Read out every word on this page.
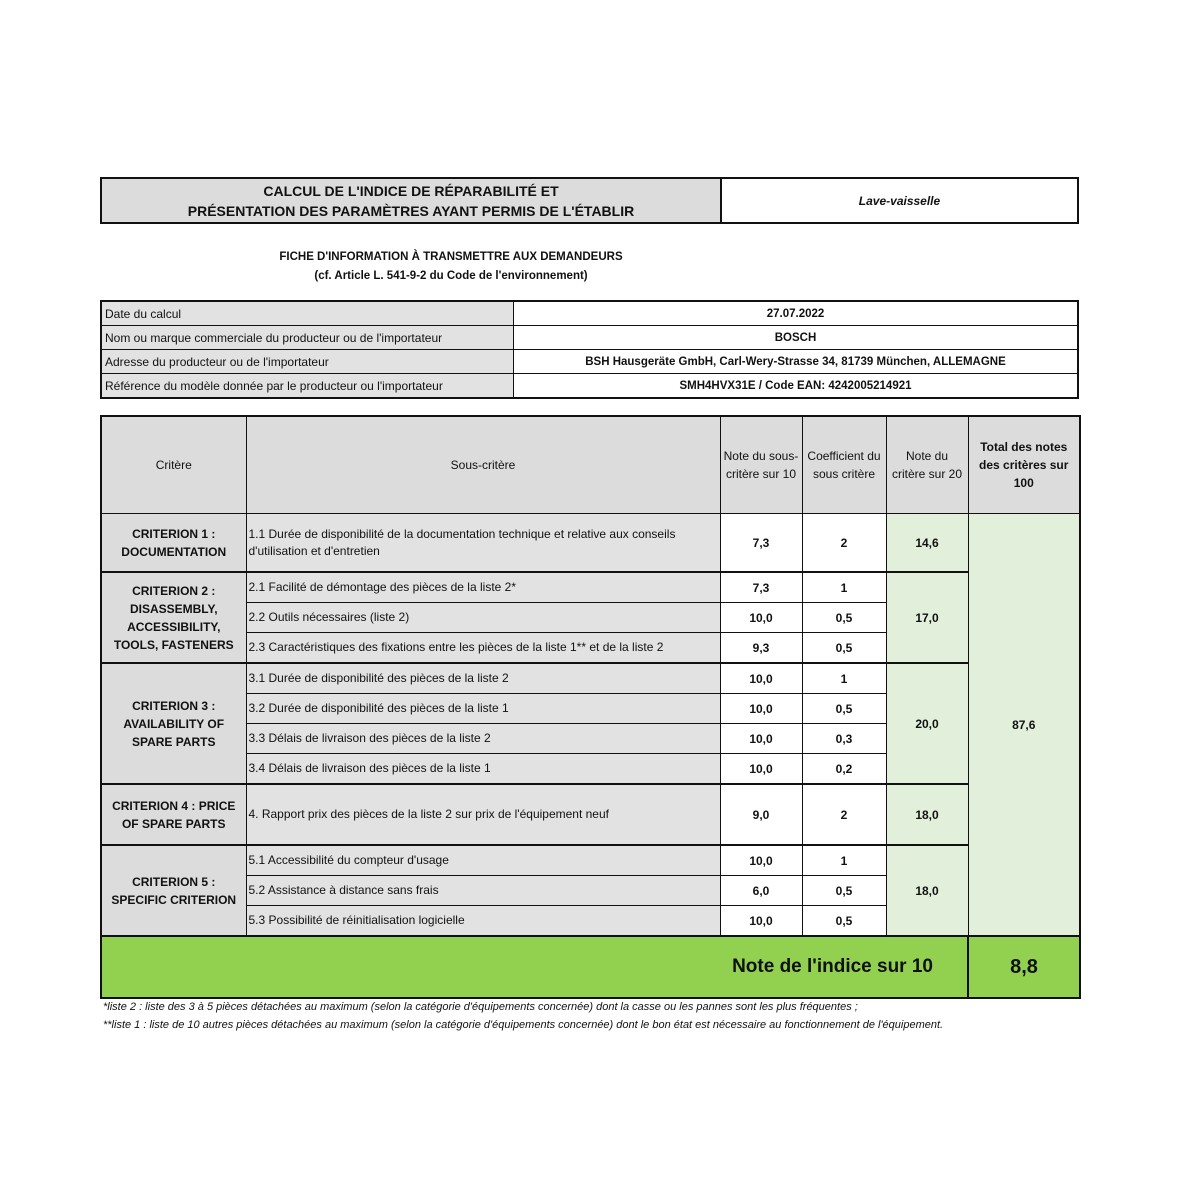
CALCUL DE L'INDICE DE RÉPARABILITÉ ET
PRÉSENTATION DES PARAMÈTRES AYANT PERMIS DE L'ÉTABLIR
Lave-vaisselle
FICHE D'INFORMATION À TRANSMETTRE AUX DEMANDEURS
(cf. Article L. 541-9-2 du Code de l'environnement)
Date du calcul	27.07.2022
Nom ou marque commerciale du producteur ou de l'importateur	BOSCH
Adresse du producteur ou de l'importateur	BSH Hausgeräte GmbH, Carl-Wery-Strasse 34, 81739 München, ALLEMAGNE
Référence du modèle donnée par le producteur ou l'importateur	SMH4HVX31E / Code EAN: 4242005214921
Critère	Sous-critère	Note du sous-critère sur 10	Coefficient du sous critère	Note du critère sur 20	Total des notes des critères sur 100
CRITERION 1 : DOCUMENTATION	1.1 Durée de disponibilité de la documentation technique et relative aux conseils d'utilisation et d'entretien	7,3	2	14,6	87,6
CRITERION 2 : DISASSEMBLY, ACCESSIBILITY, TOOLS, FASTENERS	2.1 Facilité de démontage des pièces de la liste 2*	7,3	1	17,0	
	2.2 Outils nécessaires (liste 2)	10,0	0,5		
	2.3 Caractéristiques des fixations entre les pièces de la liste 1** et de la liste 2	9,3	0,5		
CRITERION 3 : AVAILABILITY OF SPARE PARTS	3.1 Durée de disponibilité des pièces de la liste 2	10,0	1	20,0	
	3.2 Durée de disponibilité des pièces de la liste 1	10,0	0,5		
	3.3 Délais de livraison des pièces de la liste 2	10,0	0,3		
	3.4 Délais de livraison des pièces de la liste 1	10,0	0,2		
CRITERION 4 : PRICE OF SPARE PARTS	4. Rapport prix des pièces de la liste 2 sur prix de l'équipement neuf	9,0	2	18,0	
CRITERION 5 : SPECIFIC CRITERION	5.1 Accessibilité du compteur d'usage	10,0	1	18,0	
	5.2 Assistance à distance sans frais	6,0	0,5		
	5.3 Possibilité de réinitialisation logicielle	10,0	0,5		
Note de l'indice sur 10					8,8
*liste 2 : liste des 3 à 5 pièces détachées au maximum (selon la catégorie d'équipements concernée) dont la casse ou les pannes sont les plus fréquentes ;
**liste 1 : liste de 10 autres pièces détachées au maximum (selon la catégorie d'équipements concernée) dont le bon état est nécessaire au fonctionnement de l'équipement.
